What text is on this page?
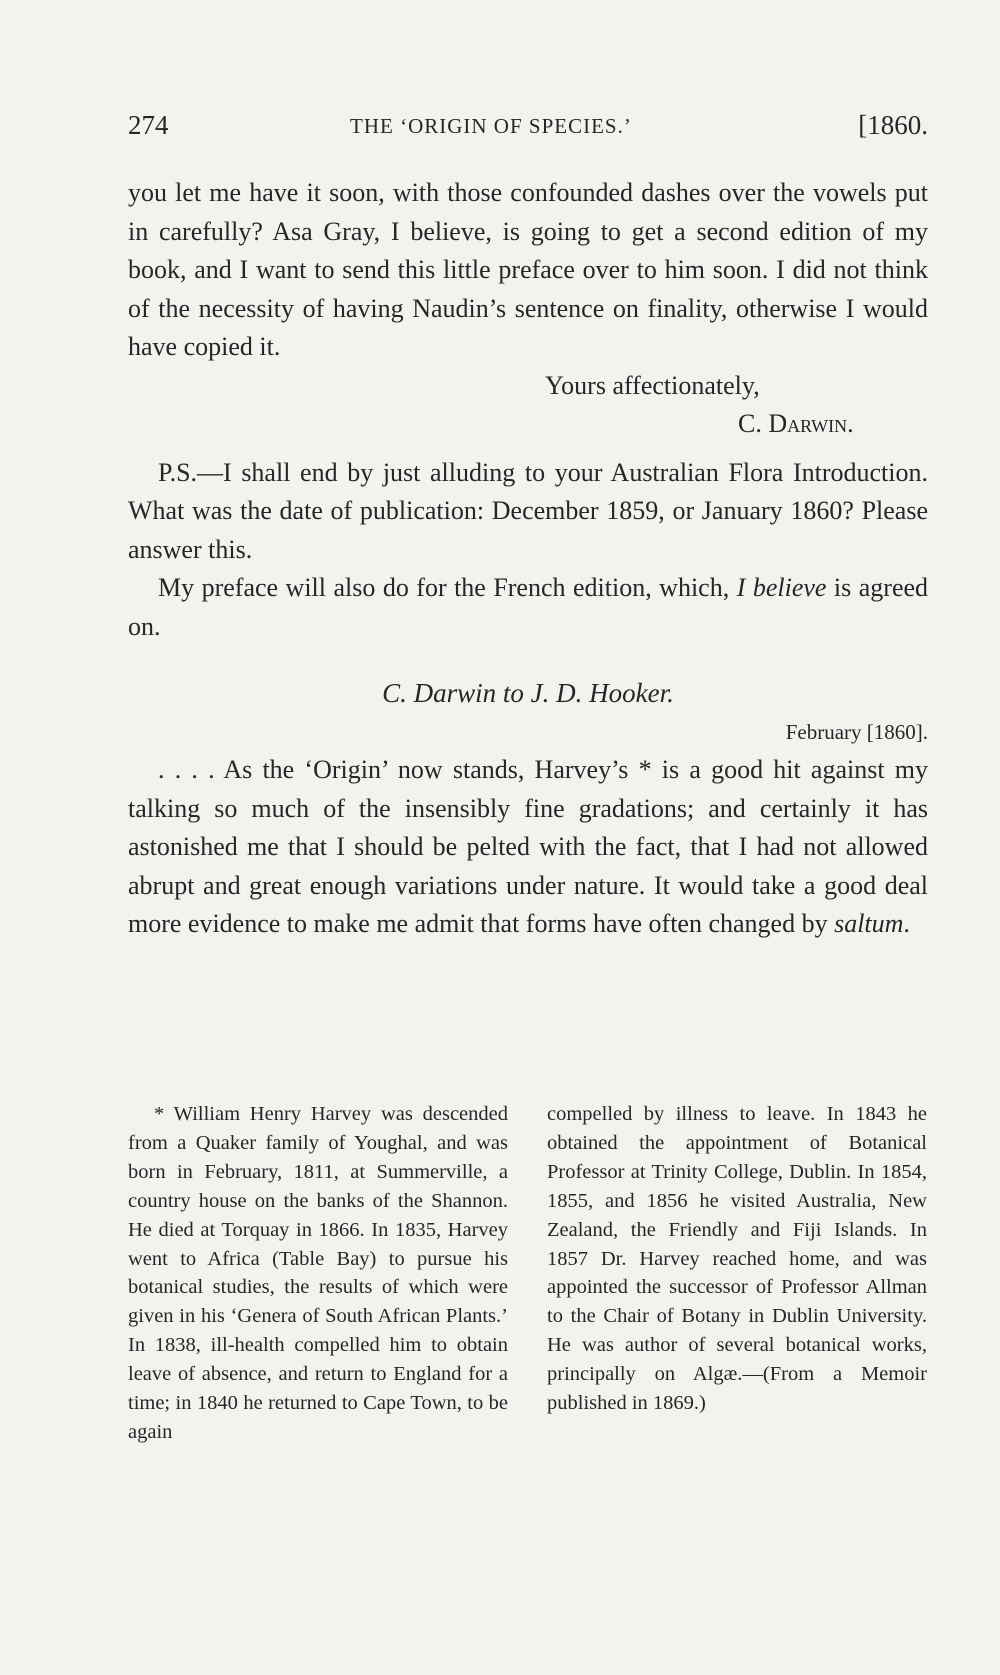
274	THE ‘ORIGIN OF SPECIES.’	[1860.

you let me have it soon, with those confounded dashes over the vowels put in carefully? Asa Gray, I believe, is going to get a second edition of my book, and I want to send this little preface over to him soon. I did not think of the necessity of having Naudin’s sentence on finality, otherwise I would have copied it.

Yours affectionately,

C. Darwin.

P.S.—I shall end by just alluding to your Australian Flora Introduction. What was the date of publication: December 1859, or January 1860? Please answer this.

My preface will also do for the French edition, which, I believe is agreed on.

C. Darwin to J. D. Hooker.

February [1860].

. . . . As the ‘Origin’ now stands, Harvey’s * is a good hit against my talking so much of the insensibly fine gradations; and certainly it has astonished me that I should be pelted with the fact, that I had not allowed abrupt and great enough variations under nature. It would take a good deal more evidence to make me admit that forms have often changed by saltum.

* William Henry Harvey was descended from a Quaker family of Youghal, and was born in February, 1811, at Summerville, a country house on the banks of the Shannon. He died at Torquay in 1866. In 1835, Harvey went to Africa (Table Bay) to pursue his botanical studies, the results of which were given in his ‘Genera of South African Plants.’ In 1838, ill-health compelled him to obtain leave of absence, and return to England for a time; in 1840 he returned to Cape Town, to be again

compelled by illness to leave. In 1843 he obtained the appointment of Botanical Professor at Trinity College, Dublin. In 1854, 1855, and 1856 he visited Australia, New Zealand, the Friendly and Fiji Islands. In 1857 Dr. Harvey reached home, and was appointed the successor of Professor Allman to the Chair of Botany in Dublin University. He was author of several botanical works, principally on Algæ.—(From a Memoir published in 1869.)
